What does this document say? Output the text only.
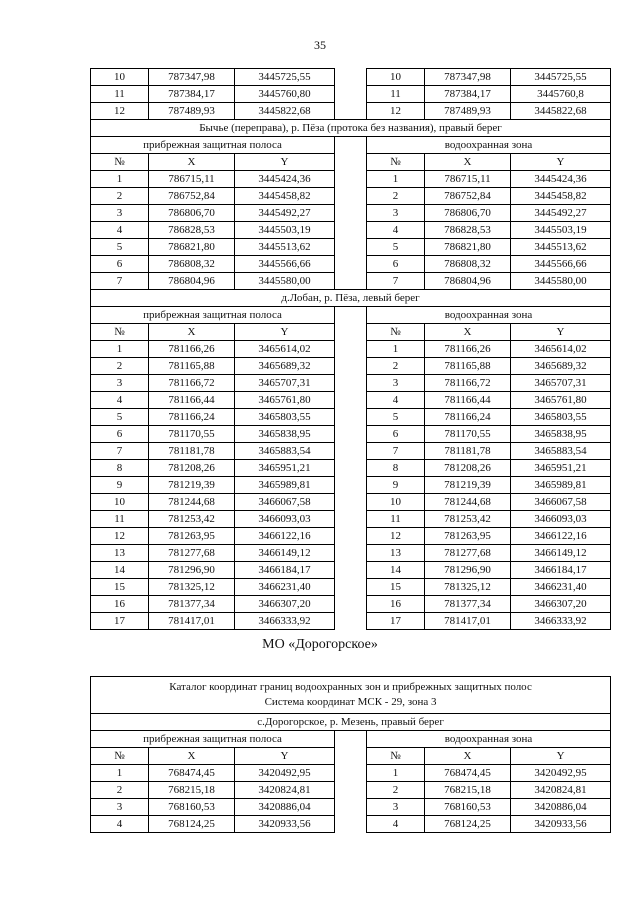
35
10	787347,98	3445725,55		10	787347,98	3445725,55
11	787384,17	3445760,80		11	787384,17	3445760,8
12	787489,93	3445822,68		12	787489,93	3445822,68
Бычье (переправа), р. Пёза (протока без названия), правый берег						
прибрежная защитная полоса				водоохранная зона		
№	X	Y		№	X	Y
1	786715,11	3445424,36		1	786715,11	3445424,36
2	786752,84	3445458,82		2	786752,84	3445458,82
3	786806,70	3445492,27		3	786806,70	3445492,27
4	786828,53	3445503,19		4	786828,53	3445503,19
5	786821,80	3445513,62		5	786821,80	3445513,62
6	786808,32	3445566,66		6	786808,32	3445566,66
7	786804,96	3445580,00		7	786804,96	3445580,00
д.Лобан, р. Пёза, левый берег						
прибрежная защитная полоса				водоохранная зона		
№	X	Y		№	X	Y
1	781166,26	3465614,02		1	781166,26	3465614,02
2	781165,88	3465689,32		2	781165,88	3465689,32
3	781166,72	3465707,31		3	781166,72	3465707,31
4	781166,44	3465761,80		4	781166,44	3465761,80
5	781166,24	3465803,55		5	781166,24	3465803,55
6	781170,55	3465838,95		6	781170,55	3465838,95
7	781181,78	3465883,54		7	781181,78	3465883,54
8	781208,26	3465951,21		8	781208,26	3465951,21
9	781219,39	3465989,81		9	781219,39	3465989,81
10	781244,68	3466067,58		10	781244,68	3466067,58
11	781253,42	3466093,03		11	781253,42	3466093,03
12	781263,95	3466122,16		12	781263,95	3466122,16
13	781277,68	3466149,12		13	781277,68	3466149,12
14	781296,90	3466184,17		14	781296,90	3466184,17
15	781325,12	3466231,40		15	781325,12	3466231,40
16	781377,34	3466307,20		16	781377,34	3466307,20
17	781417,01	3466333,92		17	781417,01	3466333,92
МО «Дорогорское»
Каталог координат границ водоохранных зон и прибрежных защитных полос
Система координат МСК - 29, зона 3						
с.Дорогорское, р. Мезень, правый берег						
прибрежная защитная полоса				водоохранная зона		
№	X	Y		№	X	Y
1	768474,45	3420492,95		1	768474,45	3420492,95
2	768215,18	3420824,81		2	768215,18	3420824,81
3	768160,53	3420886,04		3	768160,53	3420886,04
4	768124,25	3420933,56		4	768124,25	3420933,56
